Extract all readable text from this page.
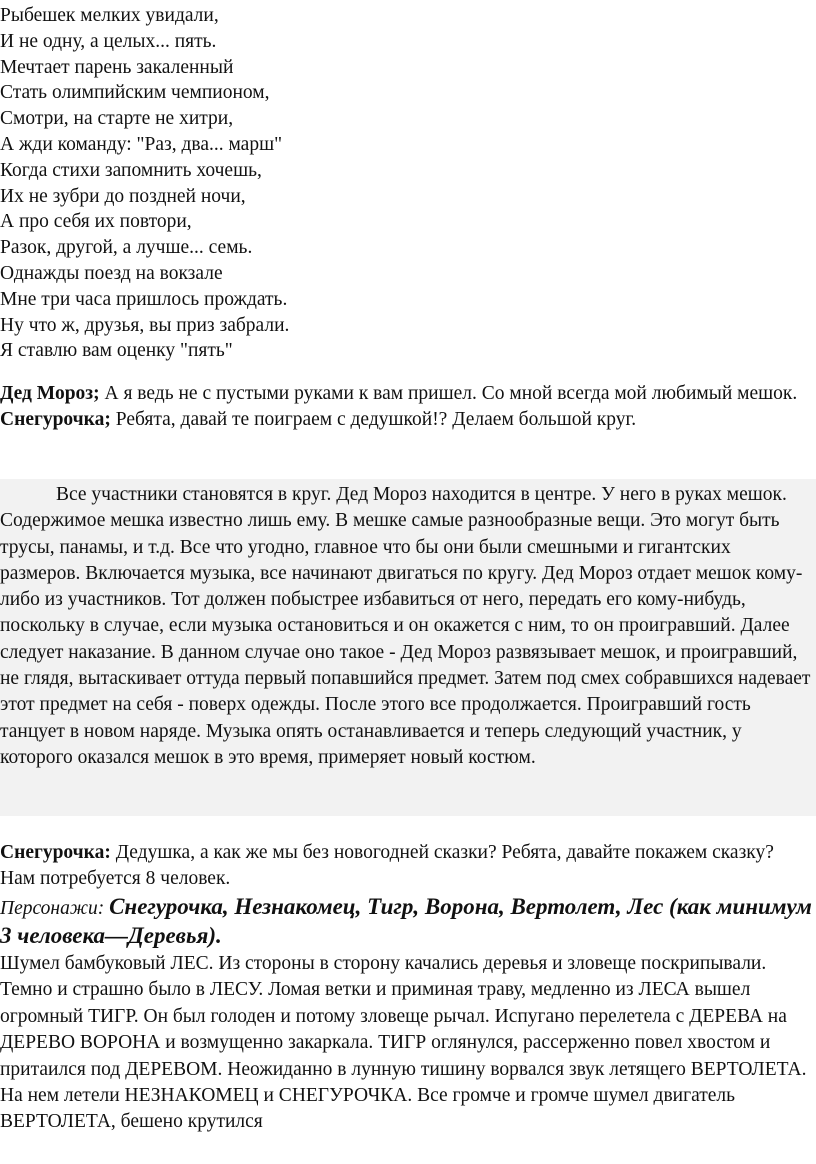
Рыбешек мелких увидали,
И не одну, а целых... пять.
Мечтает парень закаленный
Стать олимпийским чемпионом,
Смотри, на старте не хитри,
А жди команду: "Раз, два... марш"
Когда стихи запомнить хочешь,
Их не зубри до поздней ночи,
А про себя их повтори,
Разок, другой, а лучше... семь.
Однажды поезд на вокзале
Мне три часа пришлось прождать.
Ну что ж, друзья, вы приз забрали.
Я ставлю вам оценку "пять"

Дед Мороз; А я ведь не с пустыми руками к вам пришел. Со мной всегда мой любимый мешок.

Снегурочка; Ребята, давай те поиграем с дедушкой!? Делаем большой круг.

Все участники становятся в круг. Дед Мороз находится в центре. У него в руках мешок. Содержимое мешка известно лишь ему. В мешке самые разнообразные вещи. Это могут быть трусы, панамы, и т.д. Все что угодно, главное что бы они были смешными и гигантских размеров. Включается музыка, все начинают двигаться по кругу. Дед Мороз отдает мешок кому-либо из участников. Тот должен побыстрее избавиться от него, передать его кому-нибудь, поскольку в случае, если музыка остановиться и он окажется с ним, то он проигравший. Далее следует наказание. В данном случае оно такое - Дед Мороз развязывает мешок, и проигравший, не глядя, вытаскивает оттуда первый попавшийся предмет. Затем под смех собравшихся надевает этот предмет на себя - поверх одежды. После этого все продолжается. Проигравший гость танцует в новом наряде. Музыка опять останавливается и теперь следующий участник, у которого оказался мешок в это время, примеряет новый костюм.

Снегурочка: Дедушка, а как же мы без новогодней сказки? Ребята, давайте покажем сказку? Нам потребуется 8 человек.

Персонажи: Снегурочка, Незнакомец, Тигр, Ворона, Вертолет, Лес (как минимум 3 человека—Деревья).

Шумел бамбуковый ЛЕС. Из стороны в сторону качались деревья и зловеще поскрипывали. Темно и страшно было в ЛЕСУ. Ломая ветки и приминая траву, медленно из ЛЕСА вышел огромный ТИГР. Он был голоден и потому зловеще рычал. Испугано перелетела с ДЕРЕВА на ДЕРЕВО ВОРОНА и возмущенно закаркала. ТИГР оглянулся, рассерженно повел хвостом и притаился под ДЕРЕВОМ. Неожиданно в лунную тишину ворвался звук летящего ВЕРТОЛЕТА. На нем летели НЕЗНАКОМЕЦ и СНЕГУРОЧКА. Все громче и громче шумел двигатель ВЕРТОЛЕТА, бешено крутился
